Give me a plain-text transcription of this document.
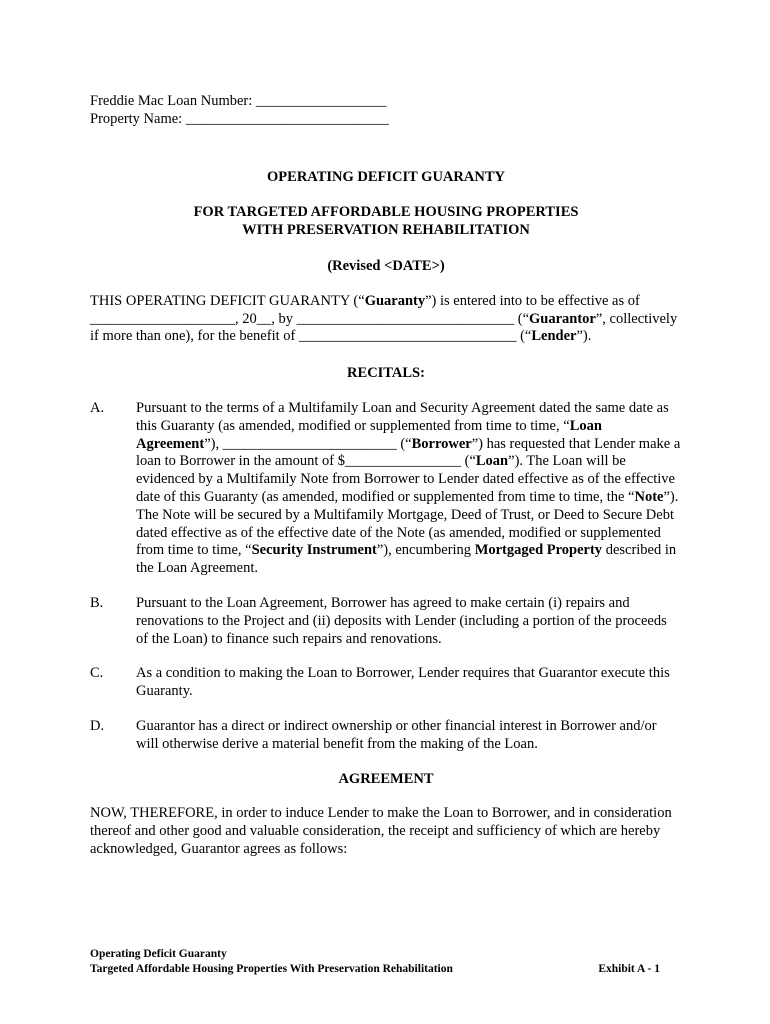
Freddie Mac Loan Number: __________________
Property Name: ____________________________
OPERATING DEFICIT GUARANTY
FOR TARGETED AFFORDABLE HOUSING PROPERTIES
WITH PRESERVATION REHABILITATION
(Revised <DATE>)
THIS OPERATING DEFICIT GUARANTY (“Guaranty”) is entered into to be effective as of ____________________, 20__, by ______________________________ (“Guarantor”, collectively if more than one), for the benefit of ______________________________ (“Lender”).
RECITALS:
A.	Pursuant to the terms of a Multifamily Loan and Security Agreement dated the same date as this Guaranty (as amended, modified or supplemented from time to time, “Loan Agreement”), ________________________ (“Borrower”) has requested that Lender make a loan to Borrower in the amount of $________________ (“Loan”). The Loan will be evidenced by a Multifamily Note from Borrower to Lender dated effective as of the effective date of this Guaranty (as amended, modified or supplemented from time to time, the “Note”). The Note will be secured by a Multifamily Mortgage, Deed of Trust, or Deed to Secure Debt dated effective as of the effective date of the Note (as amended, modified or supplemented from time to time, “Security Instrument”), encumbering Mortgaged Property described in the Loan Agreement.
B.	Pursuant to the Loan Agreement, Borrower has agreed to make certain (i) repairs and renovations to the Project and (ii) deposits with Lender (including a portion of the proceeds of the Loan) to finance such repairs and renovations.
C.	As a condition to making the Loan to Borrower, Lender requires that Guarantor execute this Guaranty.
D.	Guarantor has a direct or indirect ownership or other financial interest in Borrower and/or will otherwise derive a material benefit from the making of the Loan.
AGREEMENT
NOW, THEREFORE, in order to induce Lender to make the Loan to Borrower, and in consideration thereof and other good and valuable consideration, the receipt and sufficiency of which are hereby acknowledged, Guarantor agrees as follows:
Operating Deficit Guaranty
Targeted Affordable Housing Properties With Preservation Rehabilitation	Exhibit A - 1
